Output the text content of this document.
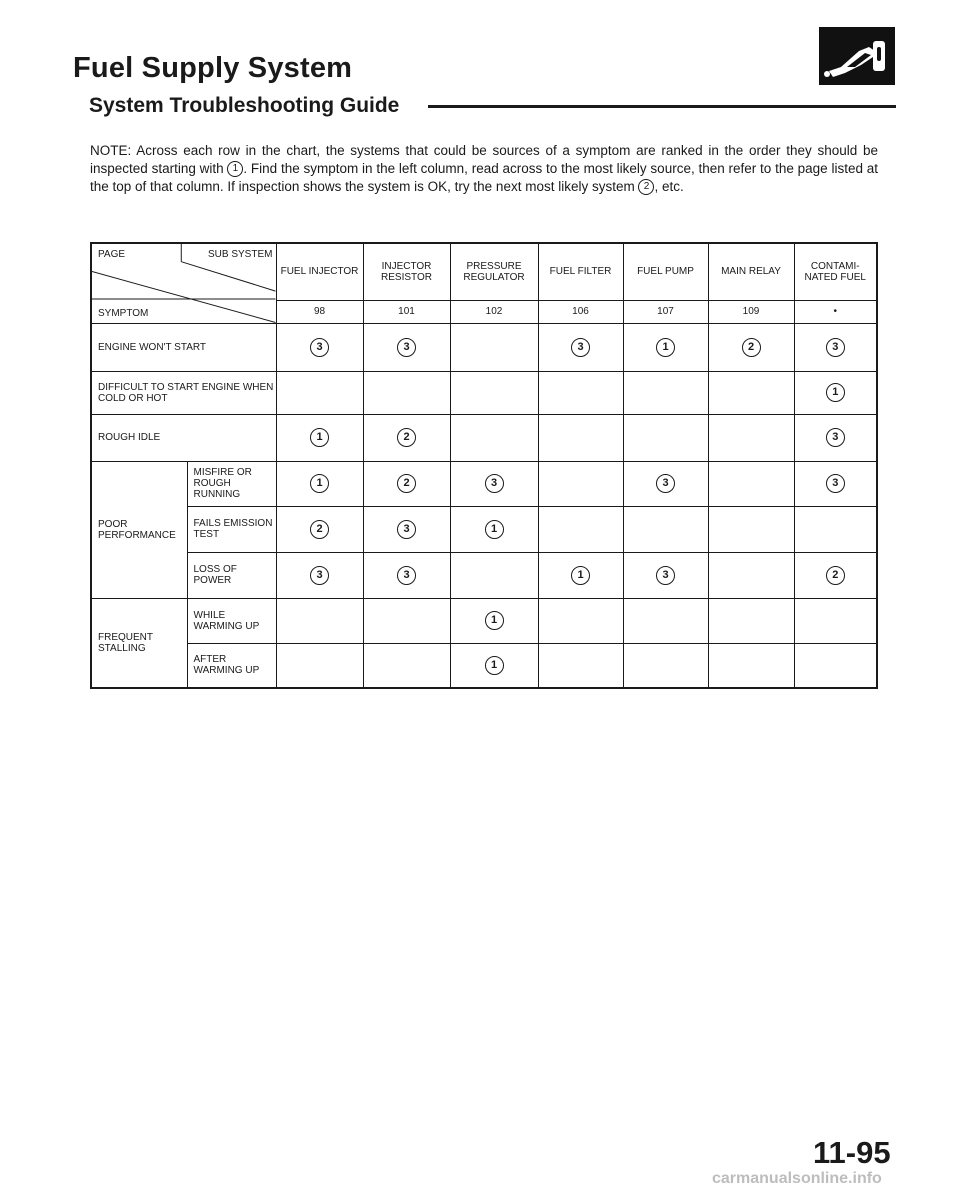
Fuel Supply System
System Troubleshooting Guide

NOTE: Across each row in the chart, the systems that could be sources of a symptom are ranked in the order they should be inspected starting with 1 . Find the symptom in the left column, read across to the most likely source, then refer to the page listed at the top of that column. If inspection shows the system is OK, try the next most likely system 2 , etc.

PAGE SUB SYSTEM
SYMPTOM		FUEL INJECTOR	INJECTOR RESISTOR	PRESSURE REGULATOR	FUEL FILTER	FUEL PUMP	MAIN RELAY	CONTAMI-NATED FUEL
		98	101	102	106	107	109	•
ENGINE WON'T START		3	3		3	1	2	3
DIFFICULT TO START ENGINE WHEN COLD OR HOT								1
ROUGH IDLE		1	2					3
POOR PERFORMANCE	MISFIRE OR ROUGH RUNNING	1	2	3		3		3
	FAILS EMISSION TEST	2	3	1				
	LOSS OF POWER	3	3		1	3		2
FREQUENT STALLING	WHILE WARMING UP			1				
	AFTER WARMING UP			1				

11-95

carmanualsonline.info
